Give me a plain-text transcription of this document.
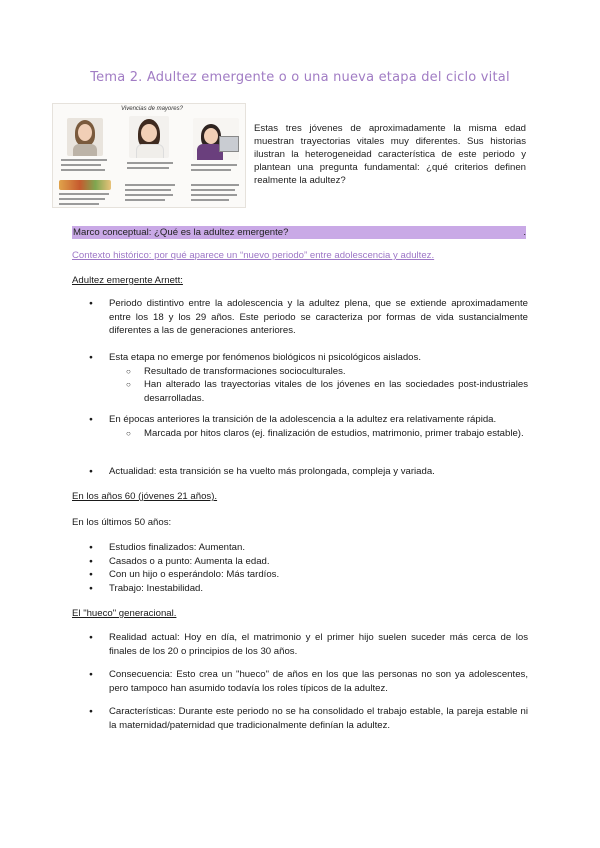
Tema 2. Adultez emergente o o una nueva etapa del ciclo vital
Vivencias de mayores?
Estas tres jóvenes de aproximadamente la misma edad muestran trayectorias vitales muy diferentes. Sus historias ilustran la heterogeneidad característica de este periodo y plantean una pregunta fundamental: ¿qué criterios definen realmente la adultez?
Marco conceptual: ¿Qué es la adultez emergente?	.
Contexto histórico: por qué aparece un “nuevo periodo” entre adolescencia y adultez.
Adultez emergente Arnett:
● Periodo distintivo entre la adolescencia y la adultez plena, que se extiende aproximadamente entre los 18 y los 29 años. Este periodo se caracteriza por formas de vida sustancialmente diferentes a las de generaciones anteriores.
● Esta etapa no emerge por fenómenos biológicos ni psicológicos aislados.
○ Resultado de transformaciones socioculturales.
○ Han alterado las trayectorias vitales de los jóvenes en las sociedades post-industriales desarrolladas.
● En épocas anteriores la transición de la adolescencia a la adultez era relativamente rápida.
○ Marcada por hitos claros (ej. finalización de estudios, matrimonio, primer trabajo estable).
● Actualidad: esta transición se ha vuelto más prolongada, compleja y variada.
En los años 60 (jóvenes 21 años).
En los últimos 50 años:
● Estudios finalizados: Aumentan.
● Casados o a punto: Aumenta la edad.
● Con un hijo o esperándolo: Más tardíos.
● Trabajo: Inestabilidad.
El "hueco" generacional.
● Realidad actual: Hoy en día, el matrimonio y el primer hijo suelen suceder más cerca de los finales de los 20 o principios de los 30 años.
● Consecuencia: Esto crea un "hueco" de años en los que las personas no son ya adolescentes, pero tampoco han asumido todavía los roles típicos de la adultez.
● Características: Durante este periodo no se ha consolidado el trabajo estable, la pareja estable ni la maternidad/paternidad que tradicionalmente definían la adultez.
